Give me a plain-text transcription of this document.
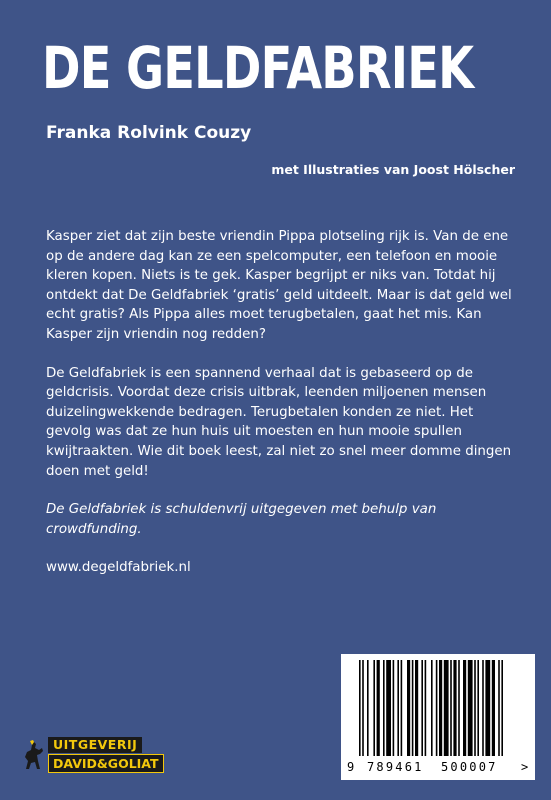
DE GELDFABRIEK
Franka Rolvink Couzy
met Illustraties van Joost Hölscher

Kasper ziet dat zijn beste vriendin Pippa plotseling rijk is. Van de ene op de andere dag kan ze een spelcomputer, een telefoon en mooie kleren kopen. Niets is te gek. Kasper begrijpt er niks van. Totdat hij ontdekt dat De Geldfabriek ‘gratis’ geld uitdeelt. Maar is dat geld wel echt gratis? Als Pippa alles moet terugbetalen, gaat het mis. Kan Kasper zijn vriendin nog redden?

De Geldfabriek is een spannend verhaal dat is gebaseerd op de geldcrisis. Voordat deze crisis uitbrak, leenden miljoenen mensen duizelingwekkende bedragen. Terugbetalen konden ze niet. Het gevolg was dat ze hun huis uit moesten en hun mooie spullen kwijtraakten. Wie dit boek leest, zal niet zo snel meer domme dingen doen met geld!

De Geldfabriek is schuldenvrij uitgegeven met behulp van crowdfunding.

www.degeldfabriek.nl

UITGEVERIJ
DAVID&GOLIAT	9 789461 500007 >
